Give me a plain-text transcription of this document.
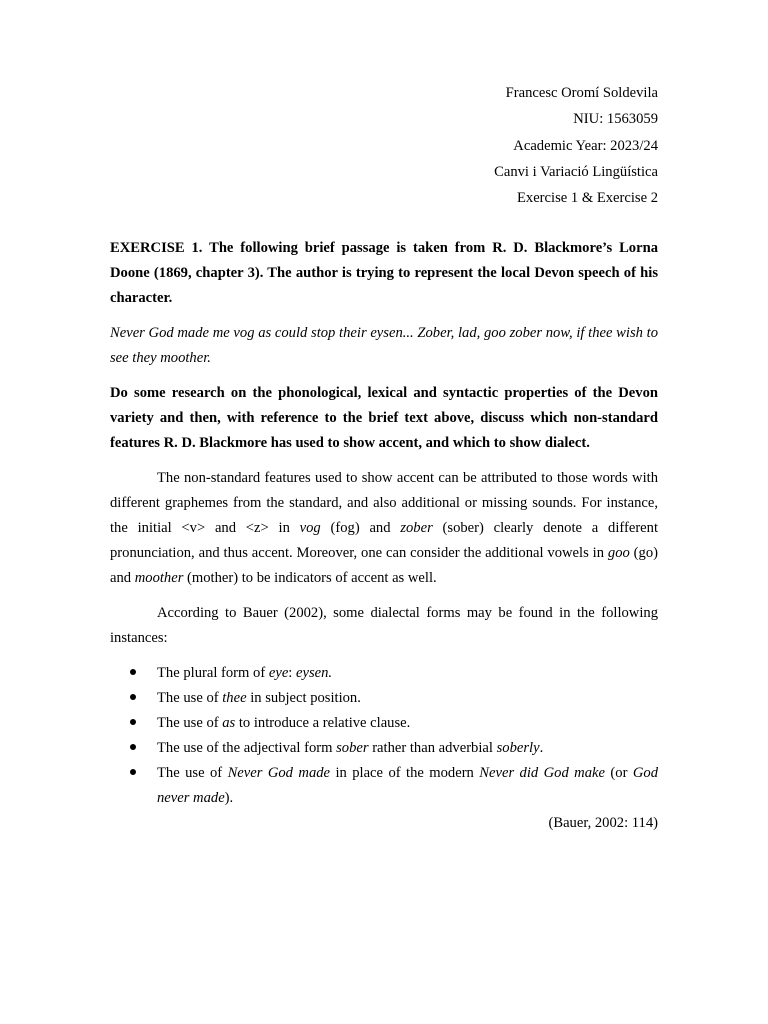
Francesc Oromí Soldevila
NIU: 1563059
Academic Year: 2023/24
Canvi i Variació Lingüística
Exercise 1 & Exercise 2

EXERCISE 1. The following brief passage is taken from R. D. Blackmore’s Lorna Doone (1869, chapter 3). The author is trying to represent the local Devon speech of his character.

Never God made me vog as could stop their eysen... Zober, lad, goo zober now, if thee wish to see they moother.

Do some research on the phonological, lexical and syntactic properties of the Devon variety and then, with reference to the brief text above, discuss which non-standard features R. D. Blackmore has used to show accent, and which to show dialect.

The non-standard features used to show accent can be attributed to those words with different graphemes from the standard, and also additional or missing sounds. For instance, the initial <v> and <z> in vog (fog) and zober (sober) clearly denote a different pronunciation, and thus accent. Moreover, one can consider the additional vowels in goo (go) and moother (mother) to be indicators of accent as well.

According to Bauer (2002), some dialectal forms may be found in the following instances:

The plural form of eye: eysen.
The use of thee in subject position.
The use of as to introduce a relative clause.
The use of the adjectival form sober rather than adverbial soberly.
The use of Never God made in place of the modern Never did God make (or God never made).
(Bauer, 2002: 114)
